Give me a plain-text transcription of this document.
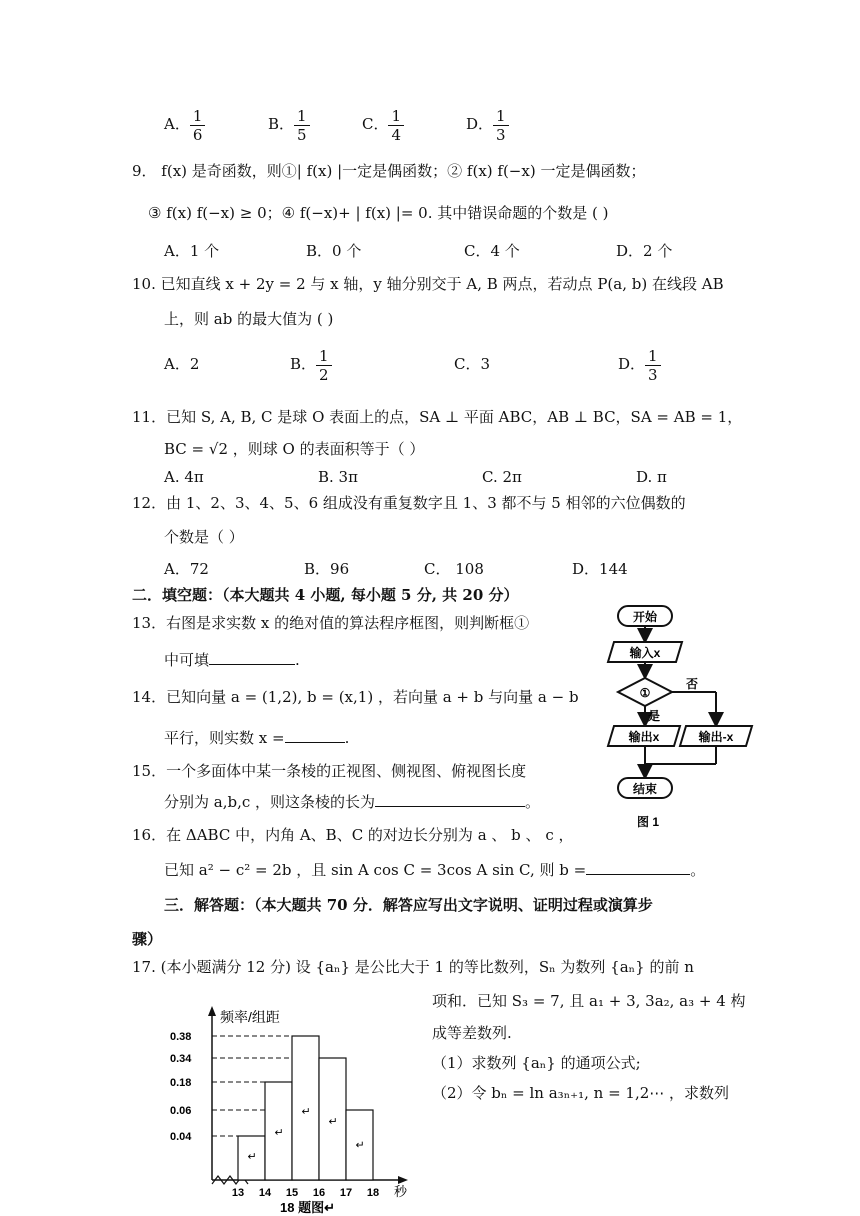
A． $\frac{1}{6}$	B． $\frac{1}{5}$	C． $\frac{1}{4}$	D． $\frac{1}{3}$
9． f(x) 是奇函数，则①| f(x) |一定是偶函数；② f(x) f(−x) 一定是偶函数；
③ f(x) f(−x) ≥ 0；④ f(−x)+ | f(x) |= 0. 其中错误命题的个数是 ( )
A．1 个	B．0 个	C．4 个	D．2 个
10. 已知直线 x + 2y = 2 与 x 轴，y 轴分别交于 A, B 两点，若动点 P(a, b) 在线段 AB
上，则 ab 的最大值为 ( )
A．2	B． $\frac{1}{2}$	C．3	D． $\frac{1}{3}$
11．已知 S, A, B, C 是球 O 表面上的点，SA ⊥ 平面 ABC，AB ⊥ BC，SA = AB = 1，
BC = √2 ，则球 O 的表面积等于（ ）
A. 4π	B. 3π	C. 2π	D. π
12．由 1、2、3、4、5、6 组成没有重复数字且 1、3 都不与 5 相邻的六位偶数的
个数是（ ）
A．72	B．96	C． 108	D．144
二．填空题：（本大题共 4 小题, 每小题 5 分, 共 20 分）
13．右图是求实数 x 的绝对值的算法程序框图，则判断框①
中可填	.
14．已知向量 a = (1,2), b = (x,1) ，若向量 a + b 与向量 a − b
平行，则实数 x =	.
15．一个多面体中某一条棱的正视图、侧视图、俯视图长度
分别为 a,b,c ，则这条棱的长为	。
16．在 ΔABC 中，内角 A、B、C 的对边长分别为 a 、 b 、 c ，
已知 a² − c² = 2b ，且 sin A cos C = 3cos A sin C, 则 b =	。
三．解答题：（本大题共 70 分．解答应写出文字说明、证明过程或演算步
骤）
17. (本小题满分 12 分) 设 {aₙ} 是公比大于 1 的等比数列，Sₙ 为数列 {aₙ} 的前 n
项和．已知 S₃ = 7, 且 a₁ + 3, 3a₂, a₃ + 4 构
成等差数列.
（1）求数列 {aₙ} 的通项公式;
（2）令 bₙ = ln a₃ₙ₊₁, n = 1,2⋯ ，求数列
开始
输入x
①
否
是
输出x	输出-x
结束
图 1
频率/组距
秒
18 题图↵
0.38
0.34
0.18
0.06
0.04
↵
↵
↵
↵
↵
13 14 15 16 17 18
